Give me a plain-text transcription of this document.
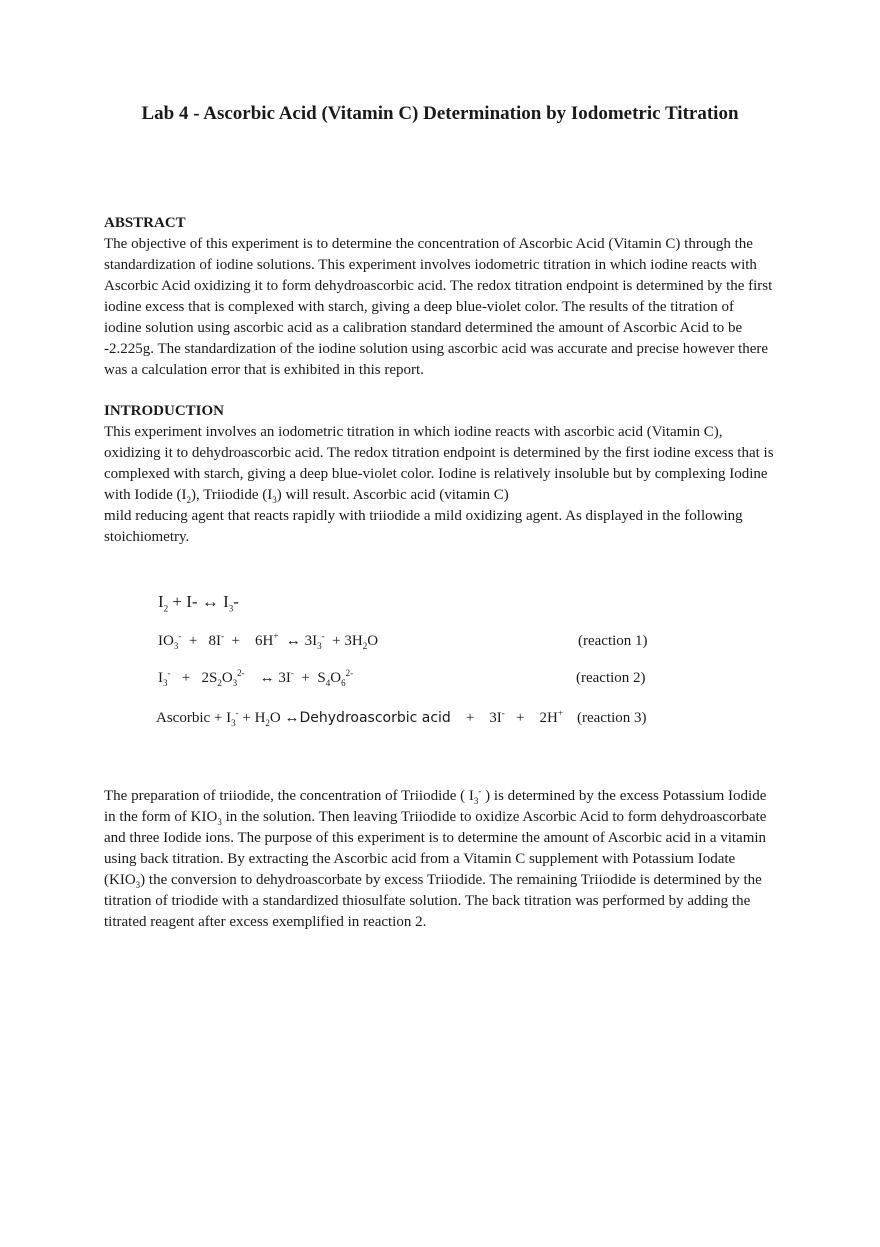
Lab 4 - Ascorbic Acid (Vitamin C) Determination by Iodometric Titration
ABSTRACT

The objective of this experiment is to determine the concentration of Ascorbic Acid (Vitamin C) through the standardization of iodine solutions. This experiment involves iodometric titration in which iodine reacts with Ascorbic Acid oxidizing it to form dehydroascorbic acid. The redox titration endpoint is determined by the first iodine excess that is complexed with starch, giving a deep blue-violet color. The results of the titration of iodine solution using ascorbic acid as a calibration standard determined the amount of Ascorbic Acid to be -2.225g. The standardization of the iodine solution using ascorbic acid was accurate and precise however there was a calculation error that is exhibited in this report.

INTRODUCTION

This experiment involves an iodometric titration in which iodine reacts with ascorbic acid (Vitamin C), oxidizing it to dehydroascorbic acid. The redox titration endpoint is determined by the first iodine excess that is complexed with starch, giving a deep blue-violet color. Iodine is relatively insoluble but by complexing Iodine with Iodide $(I_2)$, Triiodide $(I_3)$ will result. Ascorbic acid (vitamin C)
mild reducing agent that reacts rapidly with triiodide a mild oxidizing agent. As displayed in the following stoichiometry.

$I_2 + I-$ ↔ $I_3-$
$IO_3^- + 8I^-$  +    6H+  ↔ $3I_3^- + 3H_2O$	(reaction 1)
$I_3^- + 2S_2O_3^{2-}$    ↔ $3I^- + S_4O_6^{2-}$	(reaction 2)
Ascorbic + $I_3^- + H_2O$ ↔Dehydroascorbic acid    +    3I-   +    2H+ (reaction 3)

The preparation of triiodide, the concentration of Triiodide ( $I_3^-$ ) is determined by the excess Potassium Iodide in the form of $KIO_3$ in the solution. Then leaving Triiodide to oxidize Ascorbic Acid to form dehydroascorbate and three Iodide ions. The purpose of this experiment is to determine the amount of Ascorbic acid in a vitamin using back titration. By extracting the Ascorbic acid from a Vitamin C supplement with Potassium Iodate $(KIO_3)$ the conversion to dehydroascorbate by excess Triiodide. The remaining Triiodide is determined by the titration of triodide with a standardized thiosulfate solution. The back titration was performed by adding the titrated reagent after excess exemplified in reaction 2.
